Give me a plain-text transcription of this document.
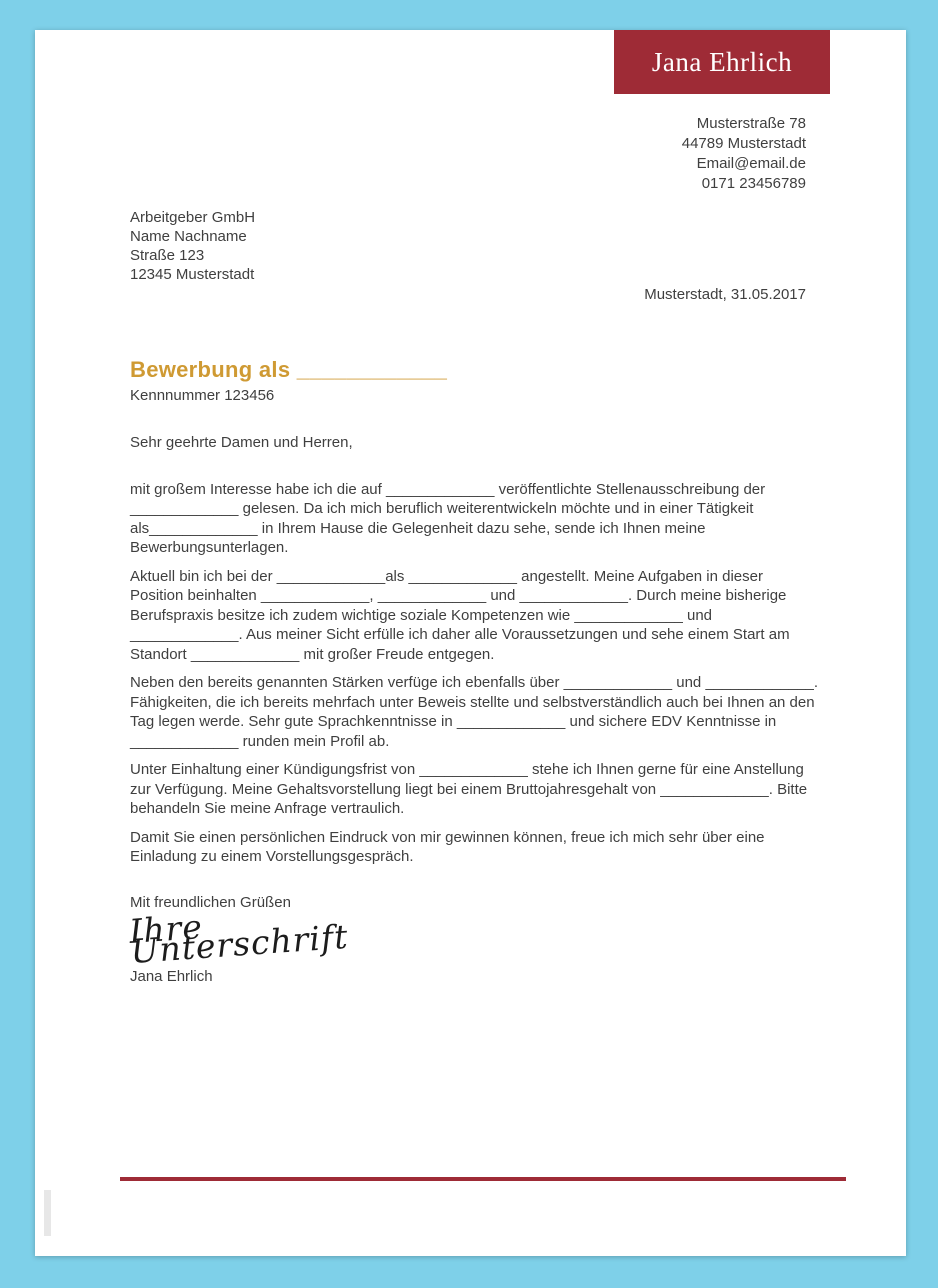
Jana Ehrlich
Musterstraße 78
44789 Musterstadt
Email@email.de
0171 23456789
Arbeitgeber GmbH
Name Nachname
Straße 123
12345 Musterstadt
Musterstadt, 31.05.2017
Bewerbung als ____________
Kennnummer 123456
Sehr geehrte Damen und Herren,

mit großem Interesse habe ich die auf _____________ veröffentlichte Stellenausschreibung der _____________ gelesen. Da ich mich beruflich weiterentwickeln möchte und in einer Tätigkeit als_____________ in Ihrem Hause die Gelegenheit dazu sehe, sende ich Ihnen meine Bewerbungsunterlagen.

Aktuell bin ich bei der _____________als _____________ angestellt. Meine Aufgaben in dieser Position beinhalten _____________, _____________ und _____________. Durch meine bisherige Berufspraxis besitze ich zudem wichtige soziale Kompetenzen wie _____________ und _____________. Aus meiner Sicht erfülle ich daher alle Voraussetzungen und sehe einem Start am Standort _____________ mit großer Freude entgegen.

Neben den bereits genannten Stärken verfüge ich ebenfalls über _____________ und _____________. Fähigkeiten, die ich bereits mehrfach unter Beweis stellte und selbstverständlich auch bei Ihnen an den Tag legen werde. Sehr gute Sprachkenntnisse in _____________ und sichere EDV Kenntnisse in _____________ runden mein Profil ab.

Unter Einhaltung einer Kündigungsfrist von _____________ stehe ich Ihnen gerne für eine Anstellung zur Verfügung. Meine Gehaltsvorstellung liegt bei einem Bruttojahresgehalt von _____________. Bitte behandeln Sie meine Anfrage vertraulich.

Damit Sie einen persönlichen Eindruck von mir gewinnen können, freue ich mich sehr über eine Einladung zu einem Vorstellungsgespräch.

Mit freundlichen Grüßen
Ihre Unterschrift
Jana Ehrlich
